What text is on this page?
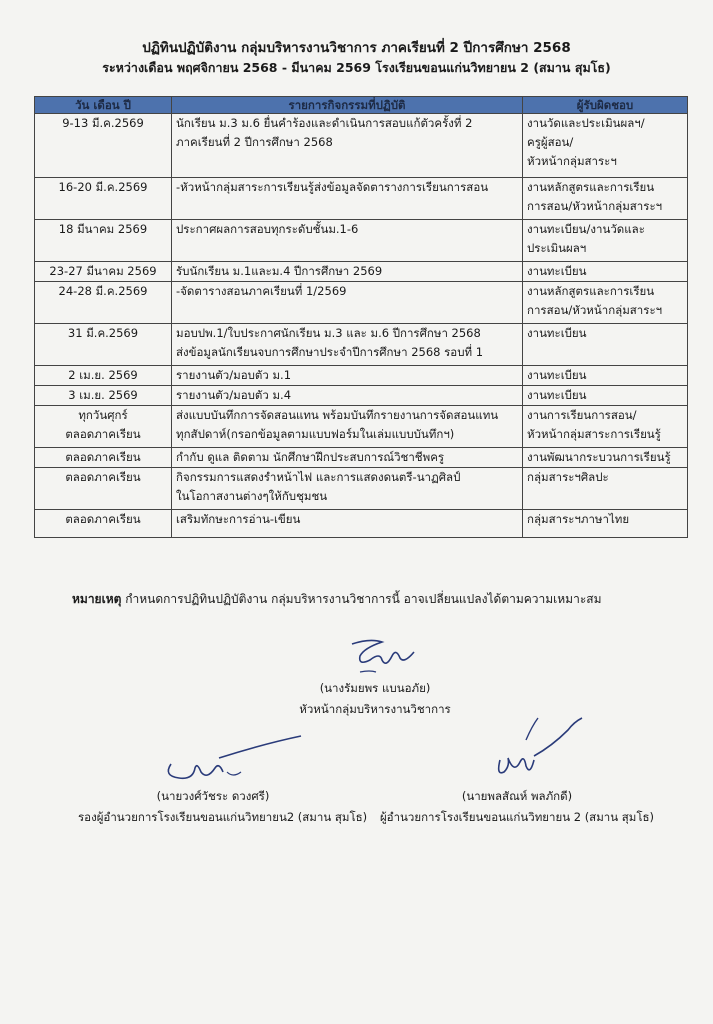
ปฏิทินปฏิบัติงาน กลุ่มบริหารงานวิชาการ ภาคเรียนที่ 2 ปีการศึกษา 2568
ระหว่างเดือน พฤศจิกายน 2568 - มีนาคม 2569 โรงเรียนขอนแก่นวิทยายน 2 (สมาน สุมโธ)
วัน เดือน ปี	รายการกิจกรรมที่ปฏิบัติ	ผู้รับผิดชอบ

9-13 มี.ค.2569	นักเรียน ม.3 ม.6 ยื่นคำร้องและดำเนินการสอบแก้ตัวครั้งที่ 2
ภาคเรียนที่ 2 ปีการศึกษา 2568	งานวัดและประเมินผลฯ/
ครูผู้สอน/
หัวหน้ากลุ่มสาระฯ

16-20 มี.ค.2569	-หัวหน้ากลุ่มสาระการเรียนรู้ส่งข้อมูลจัดตารางการเรียนการสอน	งานหลักสูตรและการเรียน
การสอน/หัวหน้ากลุ่มสาระฯ

18 มีนาคม 2569	ประกาศผลการสอบทุกระดับชั้นม.1-6	งานทะเบียน/งานวัดและ
ประเมินผลฯ

23-27 มีนาคม 2569	รับนักเรียน ม.1และม.4 ปีการศึกษา 2569	งานทะเบียน

24-28 มี.ค.2569	-จัดตารางสอนภาคเรียนที่ 1/2569	งานหลักสูตรและการเรียน
การสอน/หัวหน้ากลุ่มสาระฯ

31 มี.ค.2569	มอบปพ.1/ใบประกาศนักเรียน ม.3 และ ม.6 ปีการศึกษา 2568
ส่งข้อมูลนักเรียนจบการศึกษาประจำปีการศึกษา 2568 รอบที่ 1	งานทะเบียน

2 เม.ย. 2569	รายงานตัว/มอบตัว ม.1	งานทะเบียน

3 เม.ย. 2569	รายงานตัว/มอบตัว ม.4	งานทะเบียน

ทุกวันศุกร์
ตลอดภาคเรียน	ส่งแบบบันทึกการจัดสอนแทน พร้อมบันทึกรายงานการจัดสอนแทน
ทุกสัปดาห์(กรอกข้อมูลตามแบบฟอร์มในเล่มแบบบันทึกฯ)	งานการเรียนการสอน/
หัวหน้ากลุ่มสาระการเรียนรู้

ตลอดภาคเรียน	กำกับ ดูแล ติดตาม นักศึกษาฝึกประสบการณ์วิชาชีพครู	งานพัฒนากระบวนการเรียนรู้

ตลอดภาคเรียน	กิจกรรมการแสดงรำหน้าไฟ และการแสดงดนตรี-นาฏศิลป์
ในโอกาสงานต่างๆให้กับชุมชน	กลุ่มสาระฯศิลปะ

ตลอดภาคเรียน	เสริมทักษะการอ่าน-เขียน	กลุ่มสาระฯภาษาไทย
หมายเหตุ กำหนดการปฏิทินปฏิบัติงาน กลุ่มบริหารงานวิชาการนี้ อาจเปลี่ยนแปลงได้ตามความเหมาะสม
(นางรัมยพร แบนอภัย)
หัวหน้ากลุ่มบริหารงานวิชาการ
(นายวงศ์วัชระ ดวงศรี)
รองผู้อำนวยการโรงเรียนขอนแก่นวิทยายน2 (สมาน สุมโธ)
(นายพลสัณห์ พลภักดี)
ผู้อำนวยการโรงเรียนขอนแก่นวิทยายน 2 (สมาน สุมโธ)
